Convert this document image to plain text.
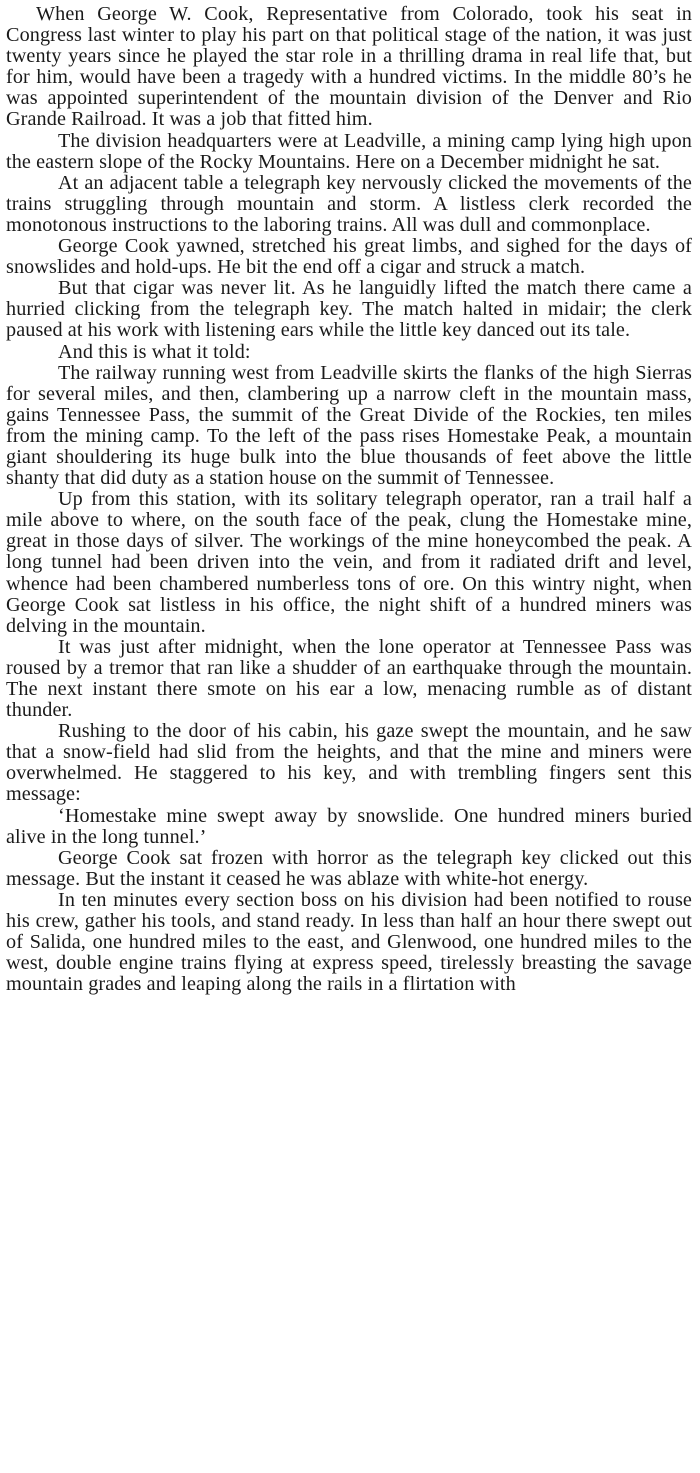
When George W. Cook, Representative from Colorado, took his seat in Congress last winter to play his part on that political stage of the nation, it was just twenty years since he played the star role in a thrilling drama in real life that, but for him, would have been a tragedy with a hundred victims. In the middle 80’s he was appointed superintendent of the mountain division of the Denver and Rio Grande Railroad. It was a job that fitted him.

The division headquarters were at Leadville, a mining camp lying high upon the eastern slope of the Rocky Mountains. Here on a December midnight he sat.

At an adjacent table a telegraph key nervously clicked the movements of the trains struggling through mountain and storm. A listless clerk recorded the monotonous instructions to the laboring trains. All was dull and commonplace.

George Cook yawned, stretched his great limbs, and sighed for the days of snowslides and hold-ups. He bit the end off a cigar and struck a match.

But that cigar was never lit. As he languidly lifted the match there came a hurried clicking from the telegraph key. The match halted in midair; the clerk paused at his work with listening ears while the little key danced out its tale.

And this is what it told:

The railway running west from Leadville skirts the flanks of the high Sierras for several miles, and then, clambering up a narrow cleft in the mountain mass, gains Tennessee Pass, the summit of the Great Divide of the Rockies, ten miles from the mining camp. To the left of the pass rises Homestake Peak, a mountain giant shouldering its huge bulk into the blue thousands of feet above the little shanty that did duty as a station house on the summit of Tennessee.

Up from this station, with its solitary telegraph operator, ran a trail half a mile above to where, on the south face of the peak, clung the Homestake mine, great in those days of silver. The workings of the mine honeycombed the peak. A long tunnel had been driven into the vein, and from it radiated drift and level, whence had been chambered numberless tons of ore. On this wintry night, when George Cook sat listless in his office, the night shift of a hundred miners was delving in the mountain.

It was just after midnight, when the lone operator at Tennessee Pass was roused by a tremor that ran like a shudder of an earthquake through the mountain. The next instant there smote on his ear a low, menacing rumble as of distant thunder.

Rushing to the door of his cabin, his gaze swept the mountain, and he saw that a snow-field had slid from the heights, and that the mine and miners were overwhelmed. He staggered to his key, and with trembling fingers sent this message:

‘Homestake mine swept away by snowslide. One hundred miners buried alive in the long tunnel.’

George Cook sat frozen with horror as the telegraph key clicked out this message. But the instant it ceased he was ablaze with white-hot energy.

In ten minutes every section boss on his division had been notified to rouse his crew, gather his tools, and stand ready. In less than half an hour there swept out of Salida, one hundred miles to the east, and Glenwood, one hundred miles to the west, double engine trains flying at express speed, tirelessly breasting the savage mountain grades and leaping along the rails in a flirtation with
